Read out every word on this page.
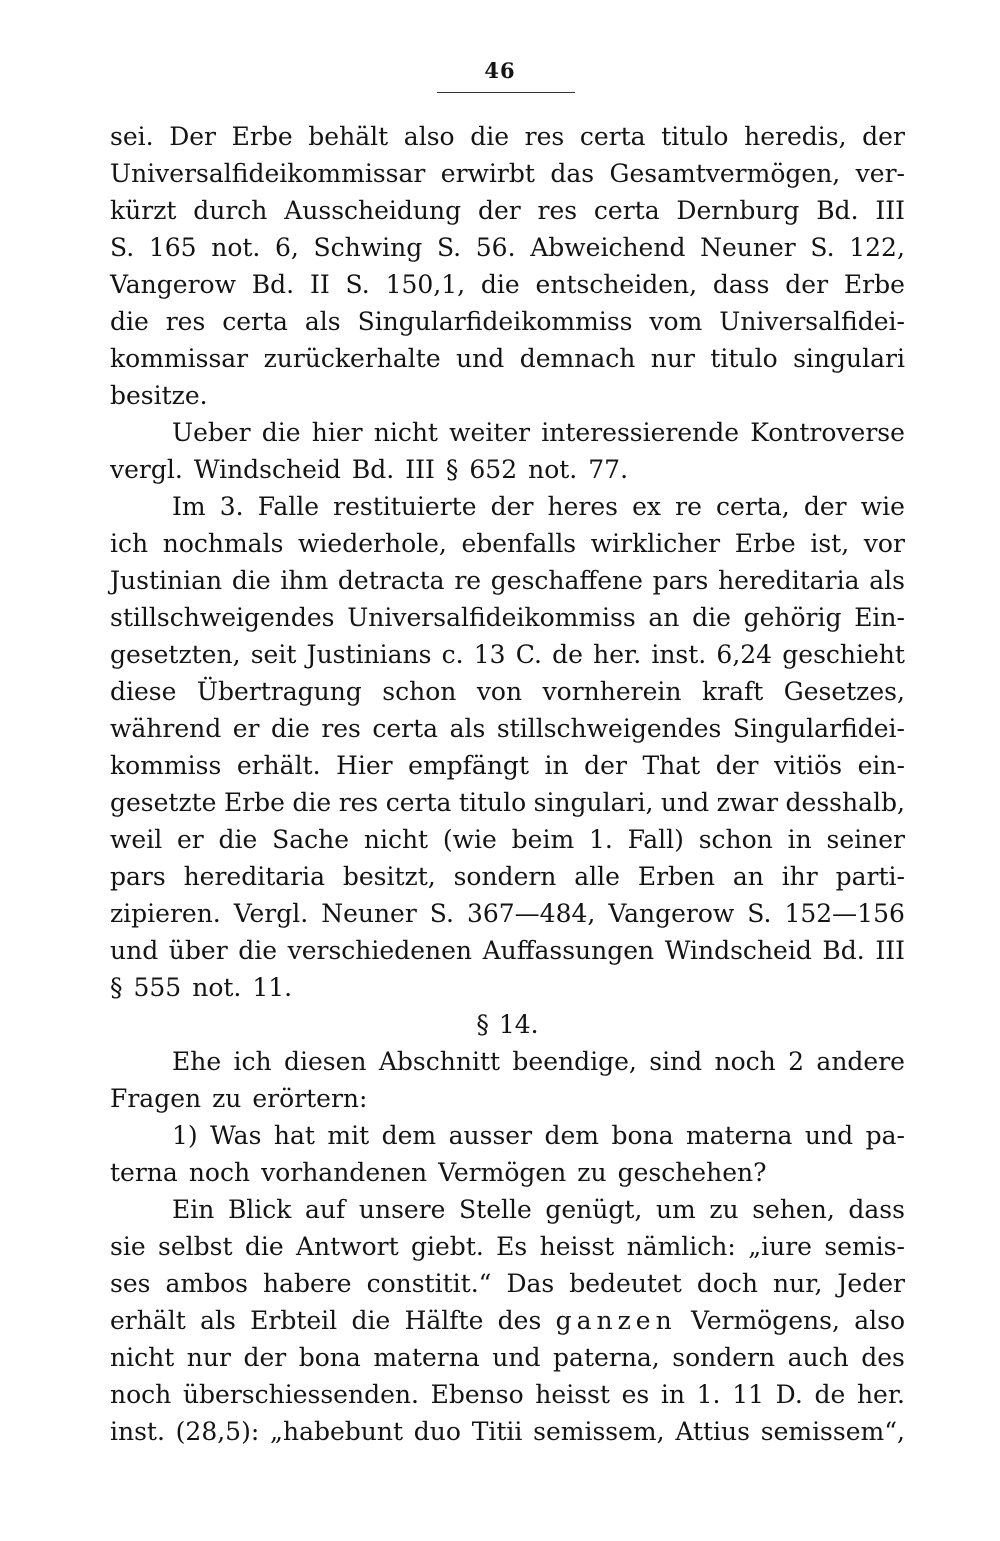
46
sei. Der Erbe behält also die res certa titulo heredis, der
Universalfideikommissar erwirbt das Gesamtvermögen, ver-
kürzt durch Ausscheidung der res certa Dernburg Bd. III
S. 165 not. 6, Schwing S. 56. Abweichend Neuner S. 122,
Vangerow Bd. II S. 150,1, die entscheiden, dass der Erbe
die res certa als Singularfideikommiss vom Universalfidei-
kommissar zurückerhalte und demnach nur titulo singulari
besitze.
Ueber die hier nicht weiter interessierende Kontroverse
vergl. Windscheid Bd. III § 652 not. 77.
Im 3. Falle restituierte der heres ex re certa, der wie
ich nochmals wiederhole, ebenfalls wirklicher Erbe ist, vor
Justinian die ihm detracta re geschaffene pars hereditaria als
stillschweigendes Universalfideikommiss an die gehörig Ein-
gesetzten, seit Justinians c. 13 C. de her. inst. 6,24 geschieht
diese Übertragung schon von vornherein kraft Gesetzes,
während er die res certa als stillschweigendes Singularfidei-
kommiss erhält. Hier empfängt in der That der vitiös ein-
gesetzte Erbe die res certa titulo singulari, und zwar desshalb,
weil er die Sache nicht (wie beim 1. Fall) schon in seiner
pars hereditaria besitzt, sondern alle Erben an ihr parti-
zipieren. Vergl. Neuner S. 367—484, Vangerow S. 152—156
und über die verschiedenen Auffassungen Windscheid Bd. III
§ 555 not. 11.
§ 14.
Ehe ich diesen Abschnitt beendige, sind noch 2 andere
Fragen zu erörtern:
1) Was hat mit dem ausser dem bona materna und pa-
terna noch vorhandenen Vermögen zu geschehen?
Ein Blick auf unsere Stelle genügt, um zu sehen, dass
sie selbst die Antwort giebt. Es heisst nämlich: „iure semis-
ses ambos habere constitit.“ Das bedeutet doch nur, Jeder
erhält als Erbteil die Hälfte des ganzen Vermögens, also
nicht nur der bona materna und paterna, sondern auch des
noch überschiessenden. Ebenso heisst es in 1. 11 D. de her.
inst. (28,5): „habebunt duo Titii semissem, Attius semissem“,
